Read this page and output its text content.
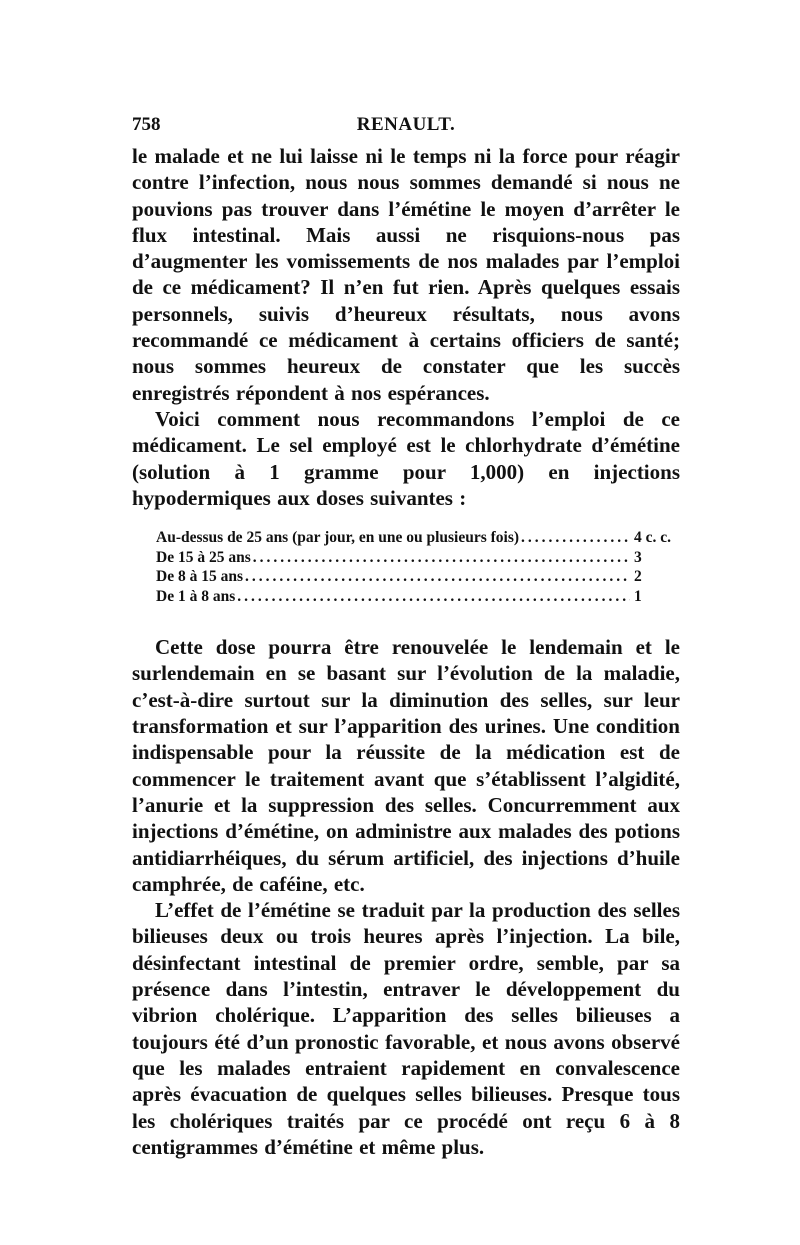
758	RENAULT.

le malade et ne lui laisse ni le temps ni la force pour réagir contre l’infection, nous nous sommes demandé si nous ne pouvions pas trouver dans l’émétine le moyen d’arrêter le flux intestinal. Mais aussi ne risquions-nous pas d’augmenter les vomissements de nos malades par l’emploi de ce médicament? Il n’en fut rien. Après quelques essais personnels, suivis d’heureux résultats, nous avons recommandé ce médicament à certains officiers de santé; nous sommes heureux de constater que les succès enregistrés répondent à nos espérances.

Voici comment nous recommandons l’emploi de ce médicament. Le sel employé est le chlorhydrate d’émétine (solution à 1 gramme pour 1,000) en injections hypodermiques aux doses suivantes :

Au-dessus de 25 ans (par jour, en une ou plusieurs fois) .....	4 c. c.
De 15 à 25 ans .....	3
De 8 à 15 ans .....	2
De 1 à 8 ans .....	1

Cette dose pourra être renouvelée le lendemain et le surlendemain en se basant sur l’évolution de la maladie, c’est-à-dire surtout sur la diminution des selles, sur leur transformation et sur l’apparition des urines. Une condition indispensable pour la réussite de la médication est de commencer le traitement avant que s’établissent l’algidité, l’anurie et la suppression des selles. Concurremment aux injections d’émétine, on administre aux malades des potions antidiarrhéiques, du sérum artificiel, des injections d’huile camphrée, de caféine, etc.

L’effet de l’émétine se traduit par la production des selles bilieuses deux ou trois heures après l’injection. La bile, désinfectant intestinal de premier ordre, semble, par sa présence dans l’intestin, entraver le développement du vibrion cholérique. L’apparition des selles bilieuses a toujours été d’un pronostic favorable, et nous avons observé que les malades entraient rapidement en convalescence après évacuation de quelques selles bilieuses. Presque tous les cholériques traités par ce procédé ont reçu 6 à 8 centigrammes d’émétine et même plus.
